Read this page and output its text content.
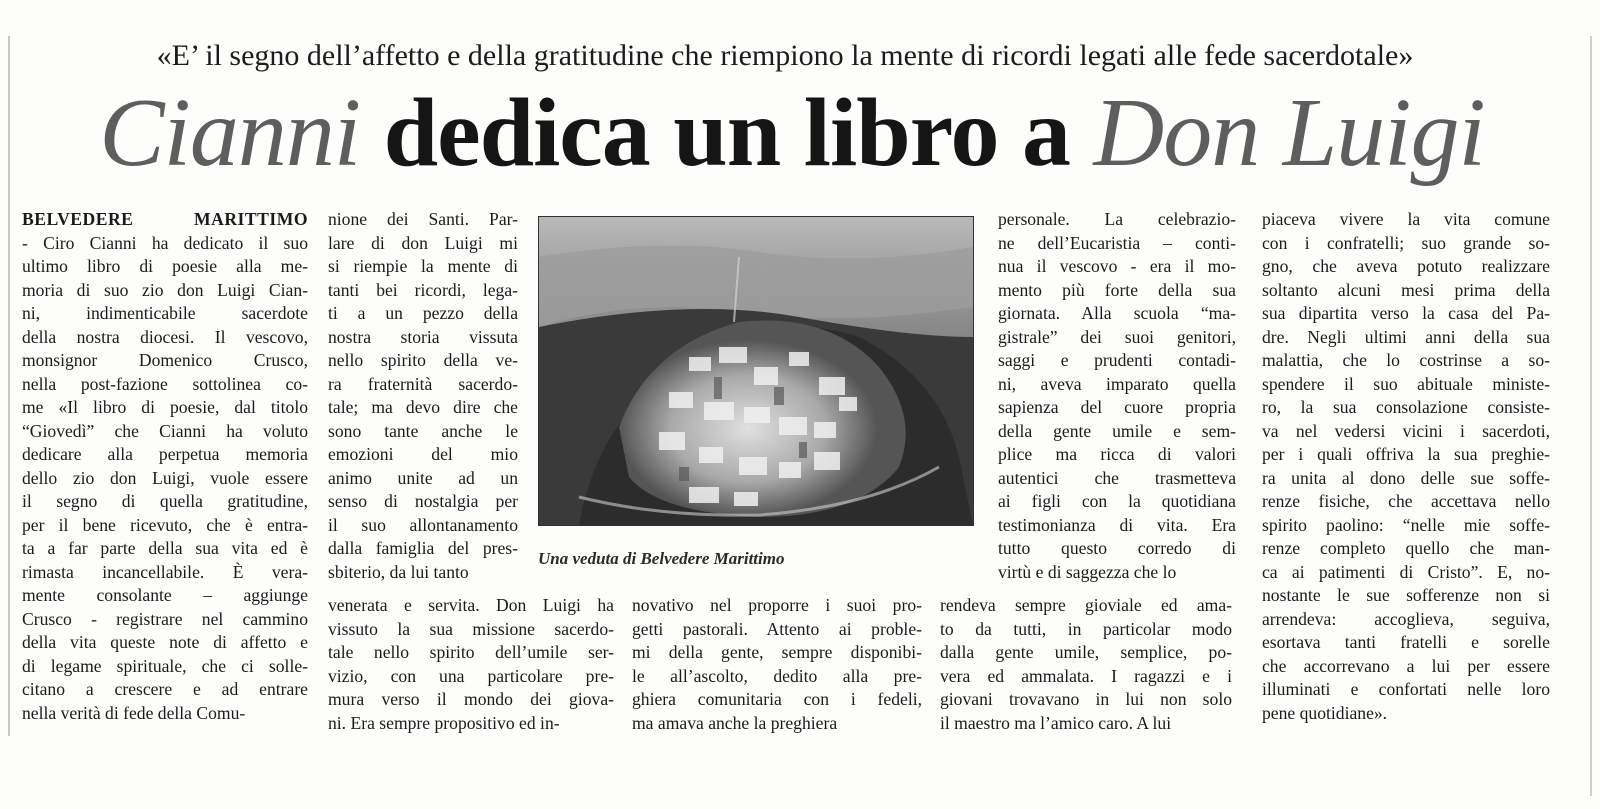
«E’ il segno dell’affetto e della gratitudine che riempiono la mente di ricordi legati alle fede sacerdotale»
Cianni dedica un libro a Don Luigi
BELVEDERE MARITTIMO
- Ciro Cianni ha dedicato il suo
ultimo libro di poesie alla me-
moria di suo zio don Luigi Cian-
ni, indimenticabile sacerdote
della nostra diocesi. Il vescovo,
monsignor Domenico Crusco,
nella post-fazione sottolinea co-
me «Il libro di poesie, dal titolo
“Giovedì” che Cianni ha voluto
dedicare alla perpetua memoria
dello zio don Luigi, vuole essere
il segno di quella gratitudine,
per il bene ricevuto, che è entra-
ta a far parte della sua vita ed è
rimasta incancellabile. È vera-
mente consolante – aggiunge
Crusco - registrare nel cammino
della vita queste note di affetto e
di legame spirituale, che ci solle-
citano a crescere e ad entrare
nella verità di fede della Comu-
nione dei Santi. Par-
lare di don Luigi mi
si riempie la mente di
tanti bei ricordi, lega-
ti a un pezzo della
nostra storia vissuta
nello spirito della ve-
ra fraternità sacerdo-
tale; ma devo dire che
sono tante anche le
emozioni del mio
animo unite ad un
senso di nostalgia per
il suo allontanamento
dalla famiglia del pres-
sbiterio, da lui tanto
venerata e servita. Don Luigi ha
vissuto la sua missione sacerdo-
tale nello spirito dell’umile ser-
vizio, con una particolare pre-
mura verso il mondo dei giova-
ni. Era sempre propositivo ed in-
novativo nel proporre i suoi pro-
getti pastorali. Attento ai proble-
mi della gente, sempre disponibi-
le all’ascolto, dedito alla pre-
ghiera comunitaria con i fedeli,
ma amava anche la preghiera
personale. La celebrazio-
ne dell’Eucaristia – conti-
nua il vescovo - era il mo-
mento più forte della sua
giornata. Alla scuola “ma-
gistrale” dei suoi genitori,
saggi e prudenti contadi-
ni, aveva imparato quella
sapienza del cuore propria
della gente umile e sem-
plice ma ricca di valori
autentici che trasmetteva
ai figli con la quotidiana
testimonianza di vita. Era
tutto questo corredo di
virtù e di saggezza che lo
rendeva sempre gioviale ed ama-
to da tutti, in particolar modo
dalla gente umile, semplice, po-
vera ed ammalata. I ragazzi e i
giovani trovavano in lui non solo
il maestro ma l’amico caro. A lui
piaceva vivere la vita comune
con i confratelli; suo grande so-
gno, che aveva potuto realizzare
soltanto alcuni mesi prima della
sua dipartita verso la casa del Pa-
dre. Negli ultimi anni della sua
malattia, che lo costrinse a so-
spendere il suo abituale ministe-
ro, la sua consolazione consiste-
va nel vedersi vicini i sacerdoti,
per i quali offriva la sua preghie-
ra unita al dono delle sue soffe-
renze fisiche, che accettava nello
spirito paolino: “nelle mie soffe-
renze completo quello che man-
ca ai patimenti di Cristo”. E, no-
nostante le sue sofferenze non si
arrendeva: accoglieva, seguiva,
esortava tanti fratelli e sorelle
che accorrevano a lui per essere
illuminati e confortati nelle loro
pene quotidiane».
Una veduta di Belvedere Marittimo
